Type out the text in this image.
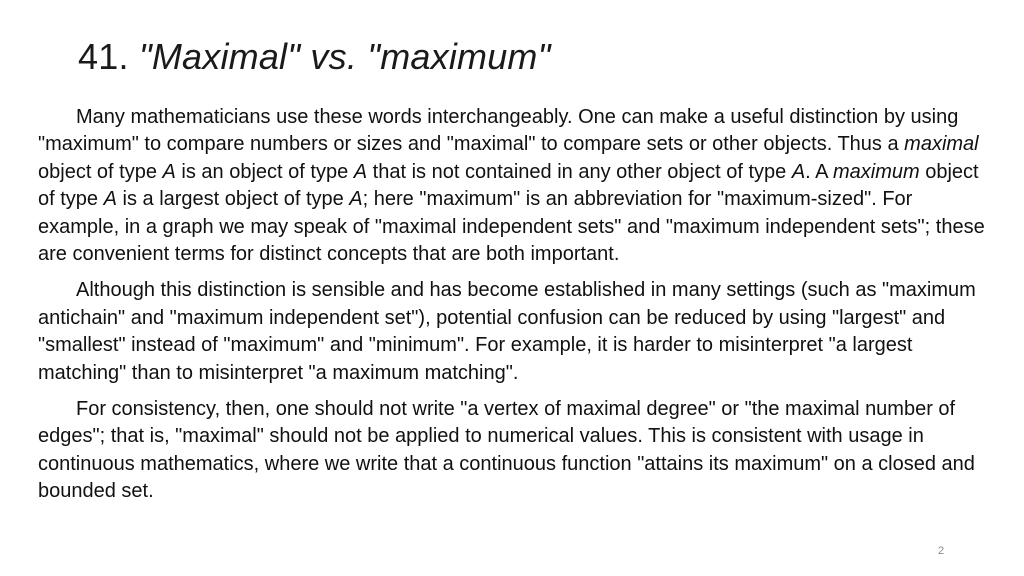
41. "Maximal" vs. "maximum"

Many mathematicians use these words interchangeably. One can make a useful distinction by using "maximum" to compare numbers or sizes and "maximal" to compare sets or other objects. Thus a maximal object of type A is an object of type A that is not contained in any other object of type A. A maximum object of type A is a largest object of type A; here "maximum" is an abbreviation for "maximum-sized". For example, in a graph we may speak of "maximal independent sets" and "maximum independent sets"; these are convenient terms for distinct concepts that are both important.

Although this distinction is sensible and has become established in many settings (such as "maximum antichain" and "maximum independent set"), potential confusion can be reduced by using "largest" and "smallest" instead of "maximum" and "minimum". For example, it is harder to misinterpret "a largest matching" than to misinterpret "a maximum matching".

For consistency, then, one should not write "a vertex of maximal degree" or "the maximal number of edges"; that is, "maximal" should not be applied to numerical values. This is consistent with usage in continuous mathematics, where we write that a continuous function "attains its maximum" on a closed and bounded set.

2
